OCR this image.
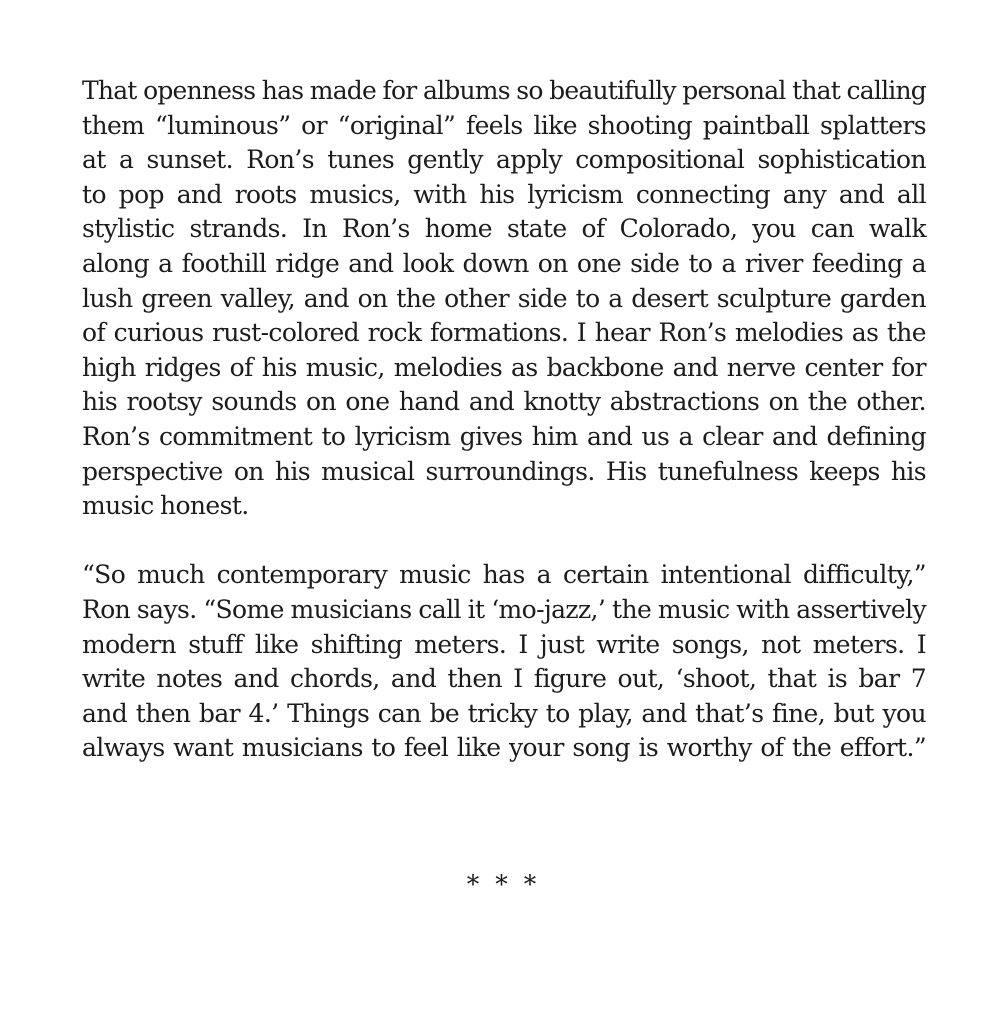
That openness has made for albums so beautifully personal that calling
them “luminous” or “original” feels like shooting paintball splatters
at a sunset. Ron’s tunes gently apply compositional sophistication
to pop and roots musics, with his lyricism connecting any and all
stylistic strands. In Ron’s home state of Colorado, you can walk
along a foothill ridge and look down on one side to a river feeding a
lush green valley, and on the other side to a desert sculpture garden
of curious rust-colored rock formations. I hear Ron’s melodies as the
high ridges of his music, melodies as backbone and nerve center for
his rootsy sounds on one hand and knotty abstractions on the other.
Ron’s commitment to lyricism gives him and us a clear and defining
perspective on his musical surroundings. His tunefulness keeps his
music honest.
“So much contemporary music has a certain intentional difficulty,”
Ron says. “Some musicians call it ‘mo-jazz,’ the music with assertively
modern stuff like shifting meters. I just write songs, not meters. I
write notes and chords, and then I figure out, ‘shoot, that is bar 7
and then bar 4.’ Things can be tricky to play, and that’s fine, but you
always want musicians to feel like your song is worthy of the effort.”
* * *
